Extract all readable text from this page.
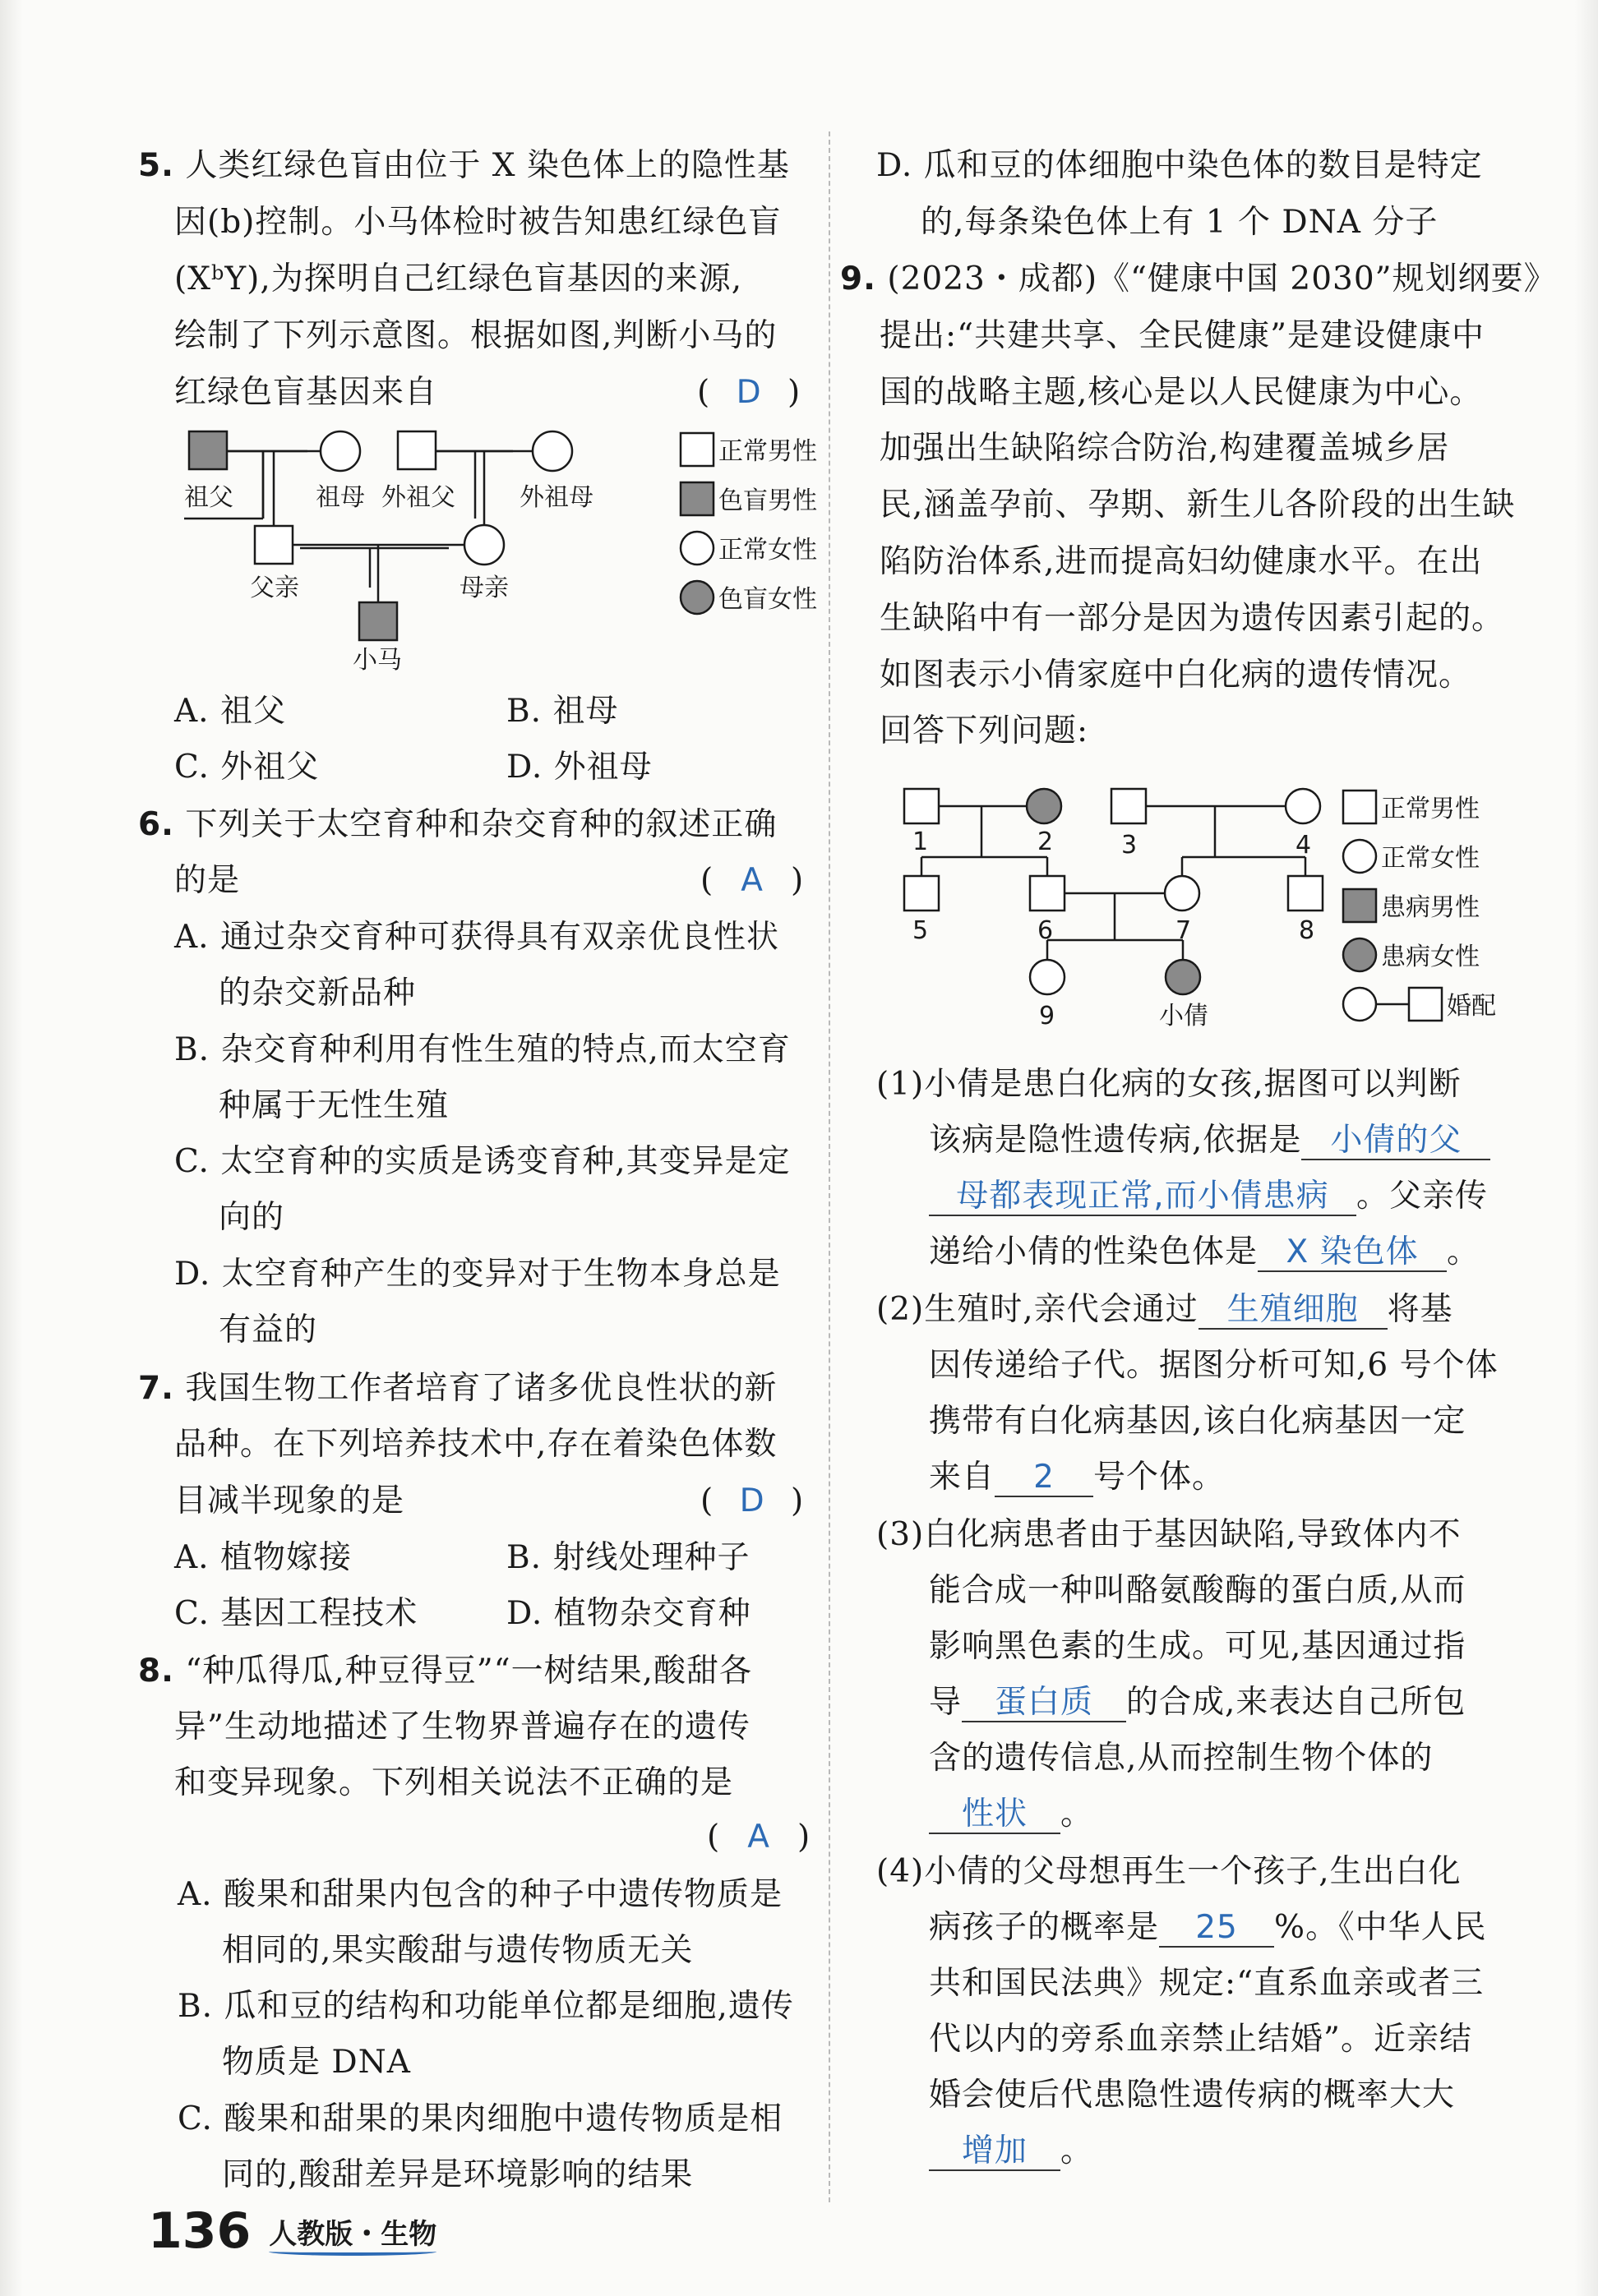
5. 人类红绿色盲由位于 X 染色体上的隐性基
因(b)控制。小马体检时被告知患红绿色盲
$(X^bY)$,为探明自己红绿色盲基因的来源,
绘制了下列示意图。根据如图,判断小马的
红绿色盲基因来自	( D )
祖父	祖母 外祖父	外祖母
父亲	母亲
小马
正常男性
色盲男性
正常女性
色盲女性
A. 祖父	B. 祖母
C. 外祖父	D. 外祖母
6. 下列关于太空育种和杂交育种的叙述正确
的是	( A )
A. 通过杂交育种可获得具有双亲优良性状
的杂交新品种
B. 杂交育种利用有性生殖的特点,而太空育
种属于无性生殖
C. 太空育种的实质是诱变育种,其变异是定
向的
D. 太空育种产生的变异对于生物本身总是
有益的
7. 我国生物工作者培育了诸多优良性状的新
品种。在下列培养技术中,存在着染色体数
目减半现象的是	( D )
A. 植物嫁接	B. 射线处理种子
C. 基因工程技术	D. 植物杂交育种
8. “种瓜得瓜,种豆得豆”“一树结果,酸甜各
异”生动地描述了生物界普遍存在的遗传
和变异现象。下列相关说法不正确的是
( A )
A. 酸果和甜果内包含的种子中遗传物质是
相同的,果实酸甜与遗传物质无关
B. 瓜和豆的结构和功能单位都是细胞,遗传
物质是 DNA
C. 酸果和甜果的果肉细胞中遗传物质是相
同的,酸甜差异是环境影响的结果
D. 瓜和豆的体细胞中染色体的数目是特定
的,每条染色体上有 1 个 DNA 分子
9. (2023・成都)《“健康中国 2030”规划纲要》
提出:“共建共享、全民健康”是建设健康中
国的战略主题,核心是以人民健康为中心。
加强出生缺陷综合防治,构建覆盖城乡居
民,涵盖孕前、孕期、新生儿各阶段的出生缺
陷防治体系,进而提高妇幼健康水平。在出
生缺陷中有一部分是因为遗传因素引起的。
如图表示小倩家庭中白化病的遗传情况。
回答下列问题:
1	2	3	4
5	6	7	8
9	小倩
正常男性
正常女性
患病男性
患病女性
婚配
(1)小倩是患白化病的女孩,据图可以判断
该病是隐性遗传病,依据是 小倩的父
母都表现正常,而小倩患病 。父亲传
递给小倩的性染色体是 X 染色体 。
(2)生殖时,亲代会通过 生殖细胞 将基
因传递给子代。据图分析可知,6 号个体
携带有白化病基因,该白化病基因一定
来自 2 号个体。
(3)白化病患者由于基因缺陷,导致体内不
能合成一种叫酪氨酸酶的蛋白质,从而
影响黑色素的生成。可见,基因通过指
导 蛋白质 的合成,来表达自己所包
含的遗传信息,从而控制生物个体的
性状 。
(4)小倩的父母想再生一个孩子,生出白化
病孩子的概率是 25 %。《中华人民
共和国民法典》规定:“直系血亲或者三
代以内的旁系血亲禁止结婚”。近亲结
婚会使后代患隐性遗传病的概率大大
增加 。
136 人教版・生物
